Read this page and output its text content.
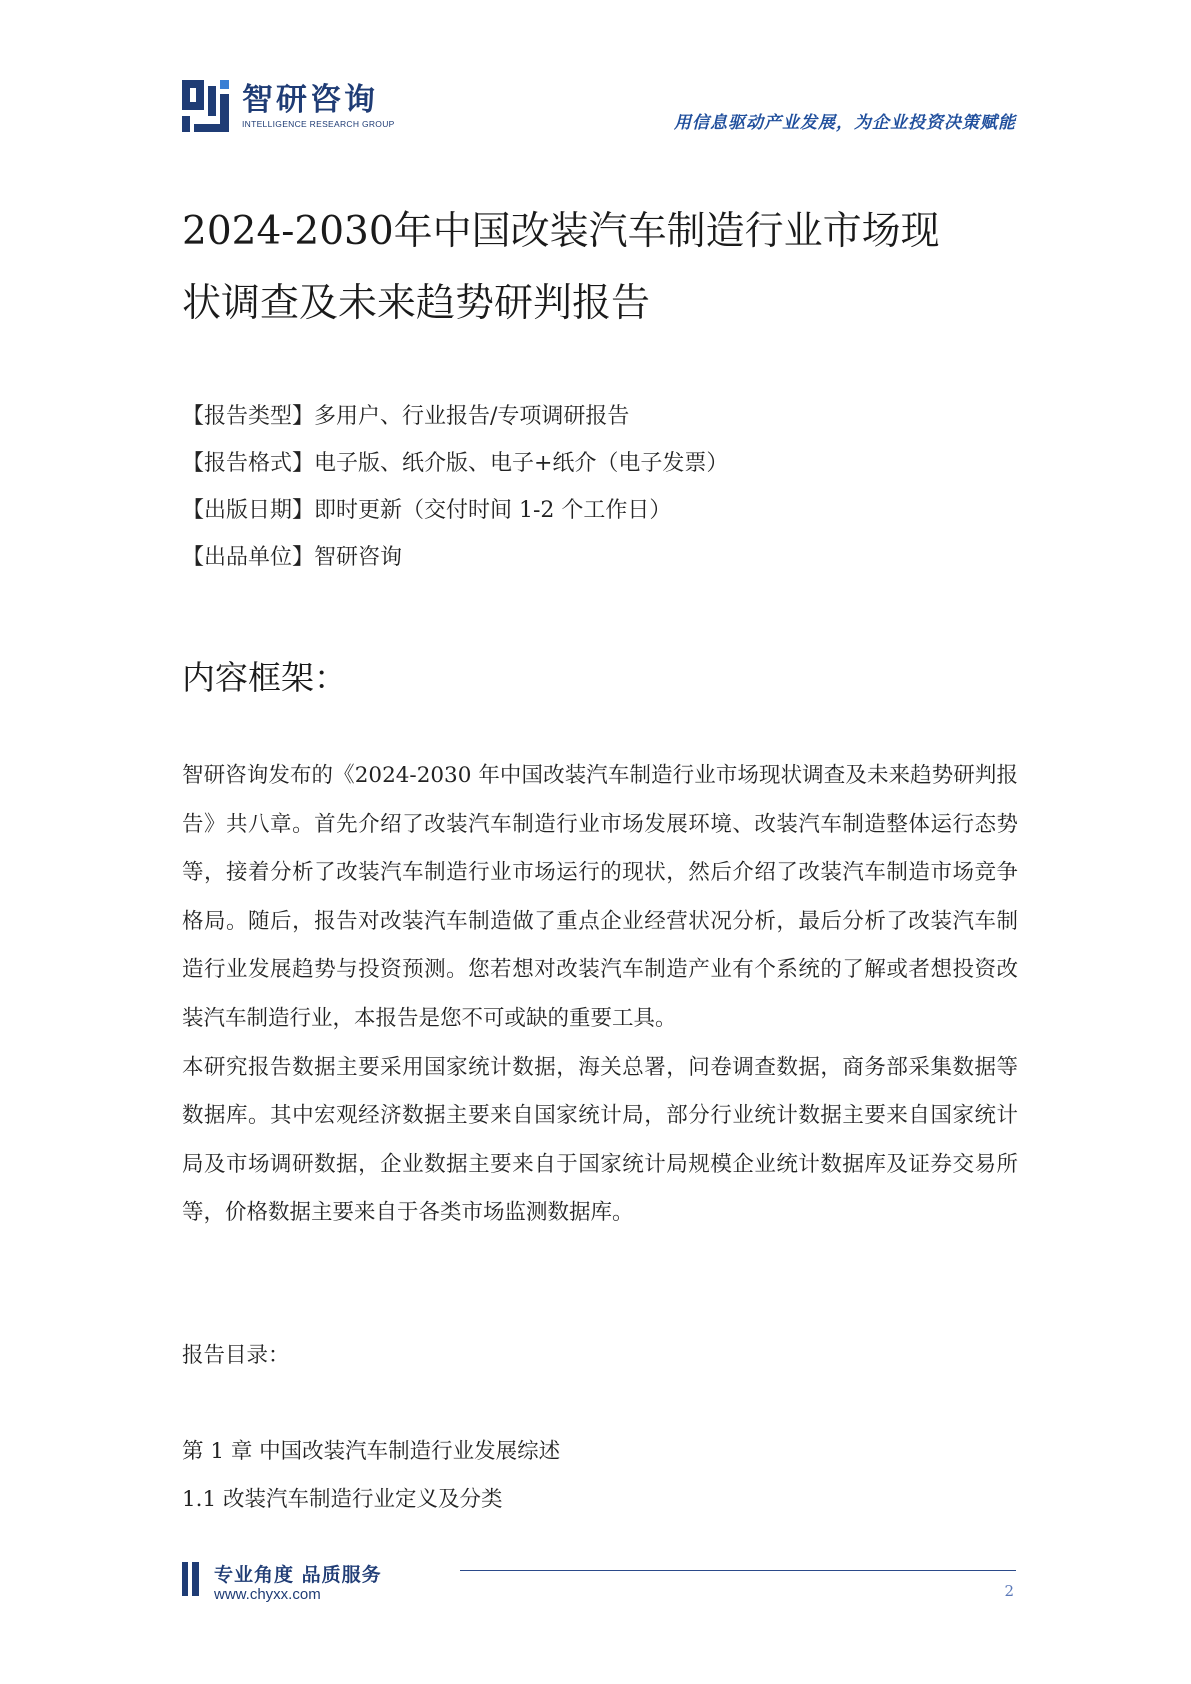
智研咨询
INTELLIGENCE RESEARCH GROUP	用信息驱动产业发展，为企业投资决策赋能
2024-2030年中国改装汽车制造行业市场现
状调查及未来趋势研判报告
【报告类型】多用户、行业报告/专项调研报告
【报告格式】电子版、纸介版、电子+纸介（电子发票）
【出版日期】即时更新（交付时间 1-2 个工作日）
【出品单位】智研咨询
内容框架：

智研咨询发布的《2024-2030 年中国改装汽车制造行业市场现状调查及未来趋势研判报告》共八章。首先介绍了改装汽车制造行业市场发展环境、改装汽车制造整体运行态势等，接着分析了改装汽车制造行业市场运行的现状，然后介绍了改装汽车制造市场竞争格局。随后，报告对改装汽车制造做了重点企业经营状况分析，最后分析了改装汽车制造行业发展趋势与投资预测。您若想对改装汽车制造产业有个系统的了解或者想投资改装汽车制造行业，本报告是您不可或缺的重要工具。

本研究报告数据主要采用国家统计数据，海关总署，问卷调查数据，商务部采集数据等数据库。其中宏观经济数据主要来自国家统计局，部分行业统计数据主要来自国家统计局及市场调研数据，企业数据主要来自于国家统计局规模企业统计数据库及证券交易所等，价格数据主要来自于各类市场监测数据库。

报告目录：
第 1 章 中国改装汽车制造行业发展综述
1.1 改装汽车制造行业定义及分类
专业角度 品质服务
www.chyxx.com	2
